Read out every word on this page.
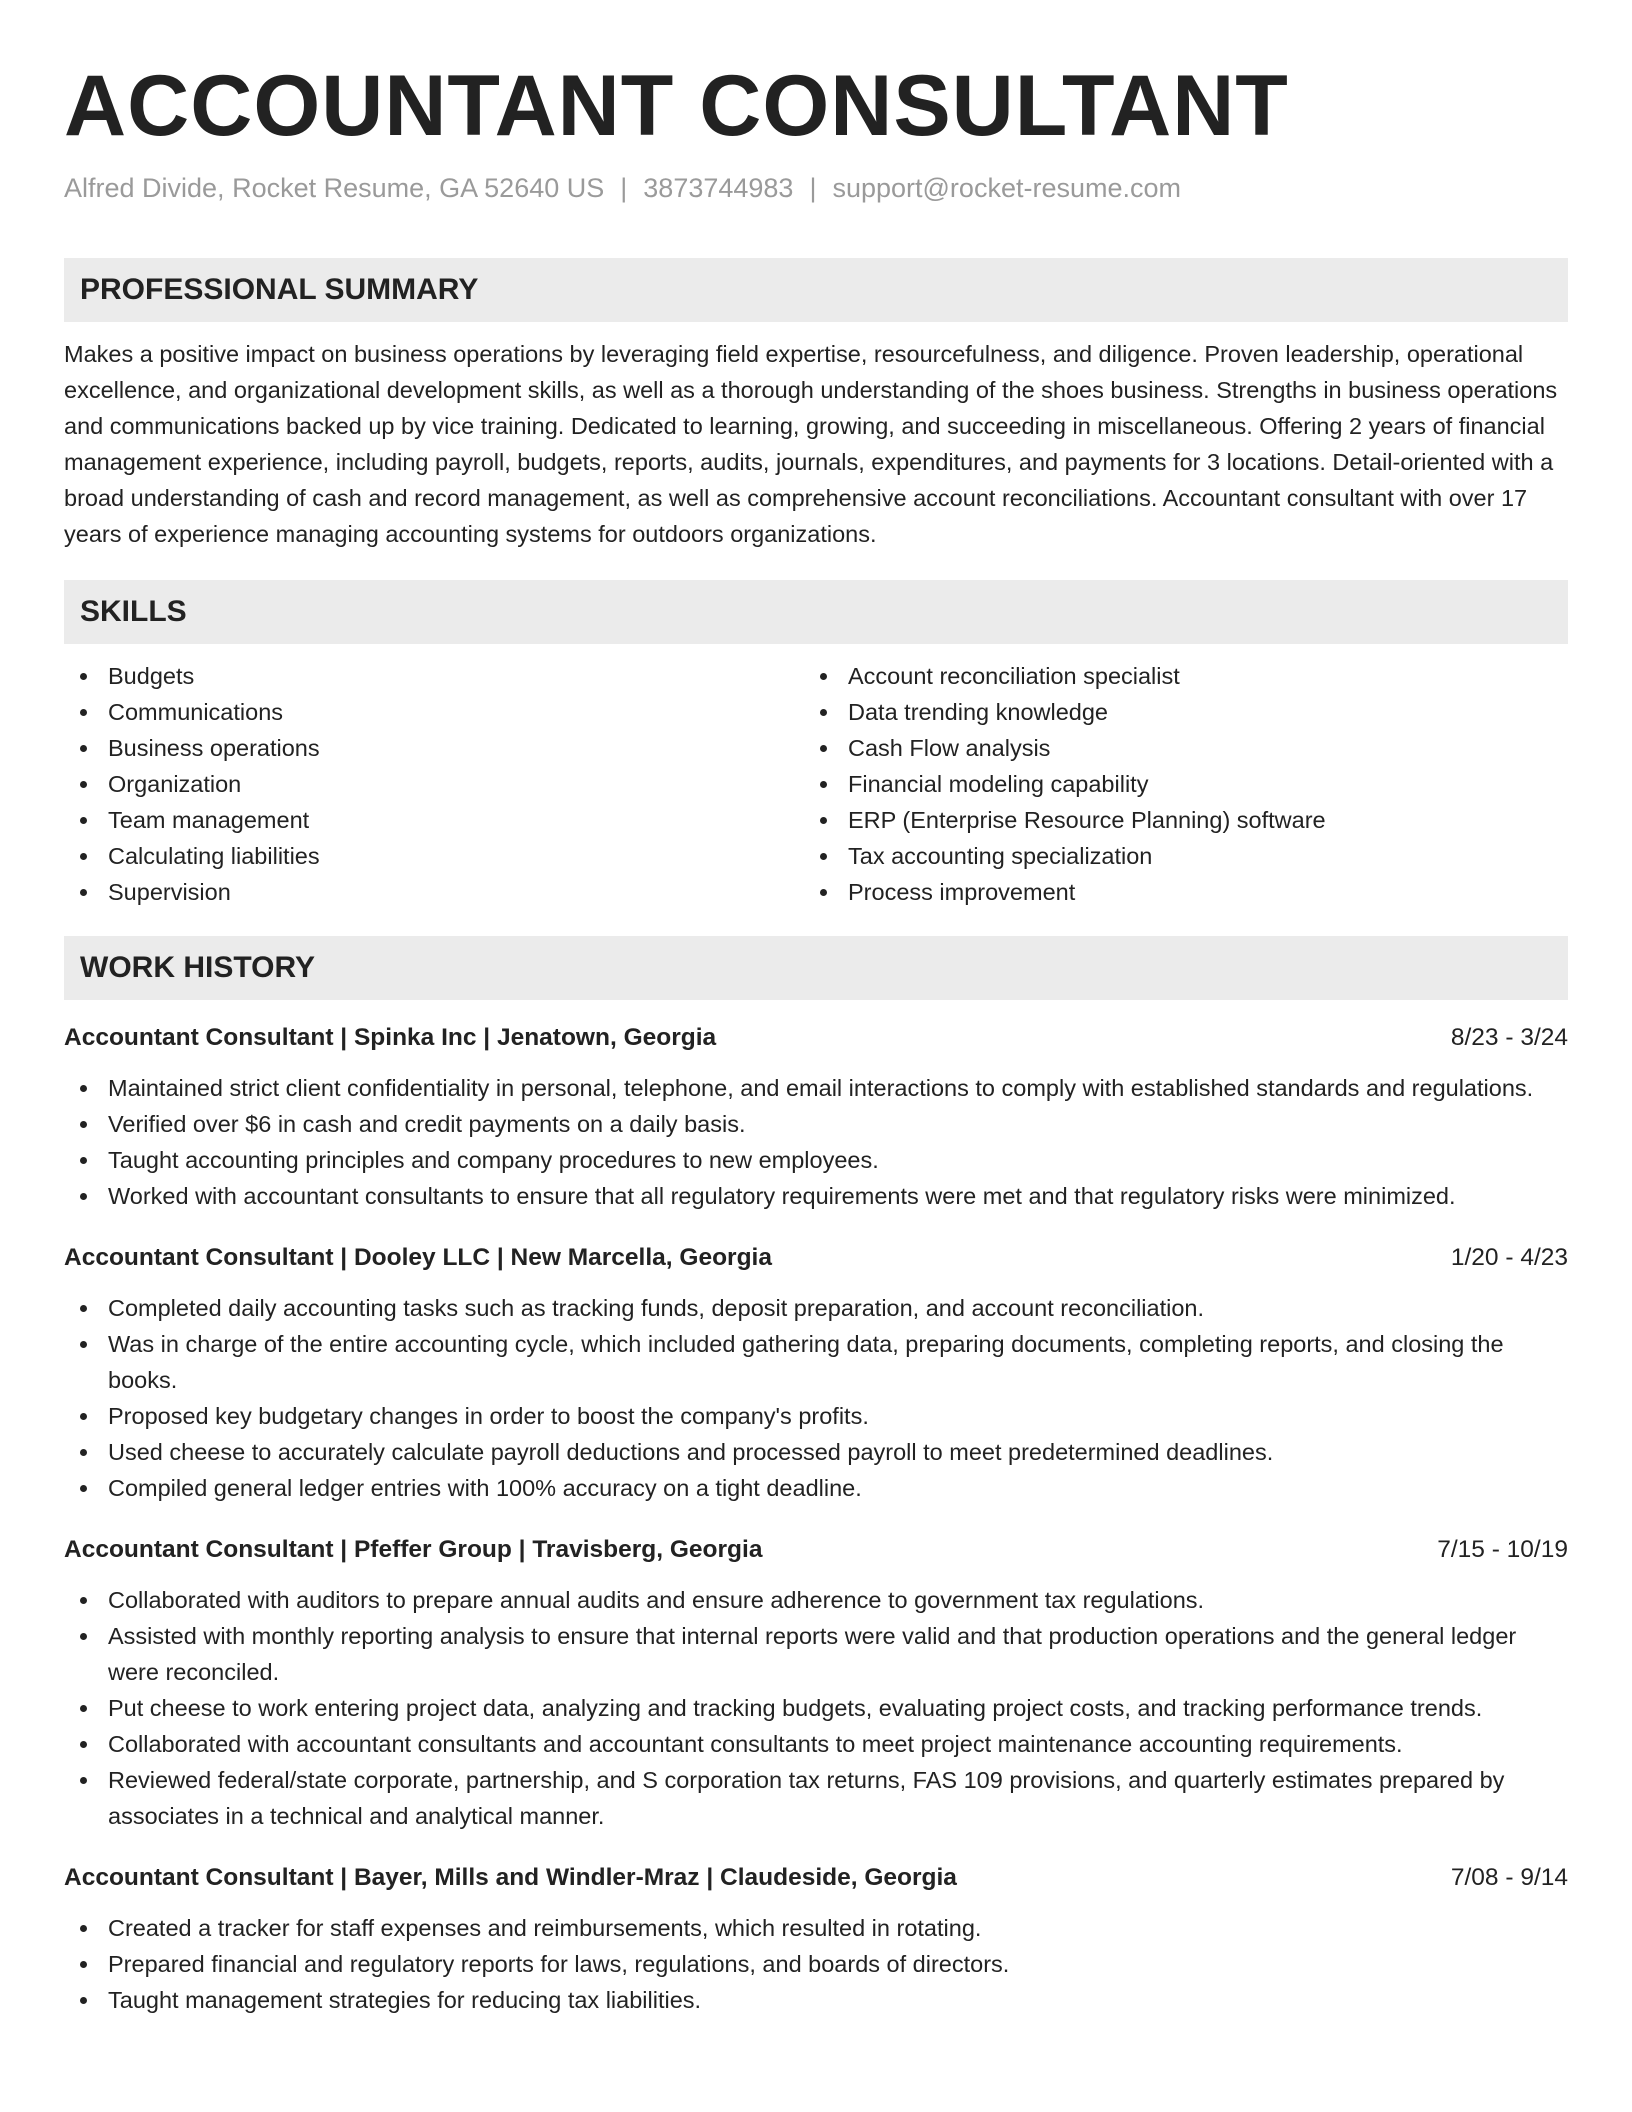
ACCOUNTANT CONSULTANT
Alfred Divide, Rocket Resume, GA 52640 US | 3873744983 | support@rocket-resume.com
PROFESSIONAL SUMMARY
Makes a positive impact on business operations by leveraging field expertise, resourcefulness, and diligence. Proven leadership, operational excellence, and organizational development skills, as well as a thorough understanding of the shoes business. Strengths in business operations and communications backed up by vice training. Dedicated to learning, growing, and succeeding in miscellaneous. Offering 2 years of financial management experience, including payroll, budgets, reports, audits, journals, expenditures, and payments for 3 locations. Detail-oriented with a broad understanding of cash and record management, as well as comprehensive account reconciliations. Accountant consultant with over 17 years of experience managing accounting systems for outdoors organizations.
SKILLS
Budgets
Communications
Business operations
Organization
Team management
Calculating liabilities
Supervision
Account reconciliation specialist
Data trending knowledge
Cash Flow analysis
Financial modeling capability
ERP (Enterprise Resource Planning) software
Tax accounting specialization
Process improvement
WORK HISTORY
Accountant Consultant | Spinka Inc | Jenatown, Georgia	8/23 - 3/24
Maintained strict client confidentiality in personal, telephone, and email interactions to comply with established standards and regulations.
Verified over $6 in cash and credit payments on a daily basis.
Taught accounting principles and company procedures to new employees.
Worked with accountant consultants to ensure that all regulatory requirements were met and that regulatory risks were minimized.
Accountant Consultant | Dooley LLC | New Marcella, Georgia	1/20 - 4/23
Completed daily accounting tasks such as tracking funds, deposit preparation, and account reconciliation.
Was in charge of the entire accounting cycle, which included gathering data, preparing documents, completing reports, and closing the books.
Proposed key budgetary changes in order to boost the company's profits.
Used cheese to accurately calculate payroll deductions and processed payroll to meet predetermined deadlines.
Compiled general ledger entries with 100% accuracy on a tight deadline.
Accountant Consultant | Pfeffer Group | Travisberg, Georgia	7/15 - 10/19
Collaborated with auditors to prepare annual audits and ensure adherence to government tax regulations.
Assisted with monthly reporting analysis to ensure that internal reports were valid and that production operations and the general ledger were reconciled.
Put cheese to work entering project data, analyzing and tracking budgets, evaluating project costs, and tracking performance trends.
Collaborated with accountant consultants and accountant consultants to meet project maintenance accounting requirements.
Reviewed federal/state corporate, partnership, and S corporation tax returns, FAS 109 provisions, and quarterly estimates prepared by associates in a technical and analytical manner.
Accountant Consultant | Bayer, Mills and Windler-Mraz | Claudeside, Georgia	7/08 - 9/14
Created a tracker for staff expenses and reimbursements, which resulted in rotating.
Prepared financial and regulatory reports for laws, regulations, and boards of directors.
Taught management strategies for reducing tax liabilities.
